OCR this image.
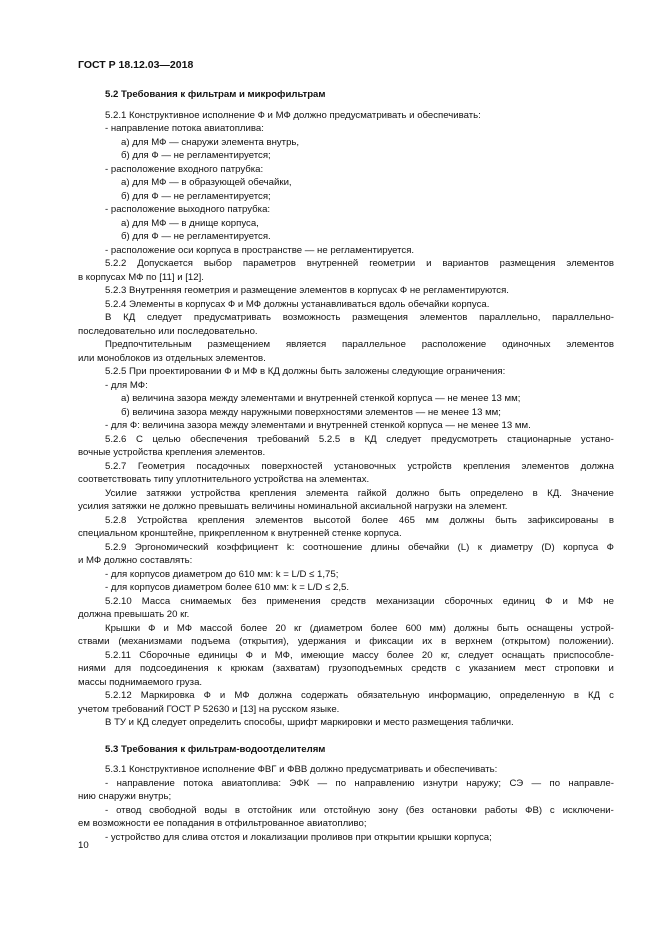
ГОСТ Р 18.12.03—2018
5.2 Требования к фильтрам и микрофильтрам
5.2.1 Конструктивное исполнение Ф и МФ должно предусматривать и обеспечивать:
- направление потока авиатоплива:
а) для МФ — снаружи элемента внутрь,
б) для Ф — не регламентируется;
- расположение входного патрубка:
а) для МФ — в образующей обечайки,
б) для Ф — не регламентируется;
- расположение выходного патрубка:
а) для МФ — в днище корпуса,
б) для Ф — не регламентируется.
- расположение оси корпуса в пространстве — не регламентируется.
5.2.2 Допускается выбор параметров внутренней геометрии и вариантов размещения элементов
в корпусах МФ по [11] и [12].
5.2.3 Внутренняя геометрия и размещение элементов в корпусах Ф не регламентируются.
5.2.4 Элементы в корпусах Ф и МФ должны устанавливаться вдоль обечайки корпуса.
В КД следует предусматривать возможность размещения элементов параллельно, параллельно-
последовательно или последовательно.
Предпочтительным размещением является параллельное расположение одиночных элементов
или моноблоков из отдельных элементов.
5.2.5 При проектировании Ф и МФ в КД должны быть заложены следующие ограничения:
- для МФ:
а) величина зазора между элементами и внутренней стенкой корпуса — не менее 13 мм;
б) величина зазора между наружными поверхностями элементов — не менее 13 мм;
- для Ф: величина зазора между элементами и внутренней стенкой корпуса — не менее 13 мм.
5.2.6 С целью обеспечения требований 5.2.5 в КД следует предусмотреть стационарные устано-
вочные устройства крепления элементов.
5.2.7 Геометрия посадочных поверхностей установочных устройств крепления элементов должна
соответствовать типу уплотнительного устройства на элементах.
Усилие затяжки устройства крепления элемента гайкой должно быть определено в КД. Значение
усилия затяжки не должно превышать величины номинальной аксиальной нагрузки на элемент.
5.2.8 Устройства крепления элементов высотой более 465 мм должны быть зафиксированы в
специальном кронштейне, прикрепленном к внутренней стенке корпуса.
5.2.9 Эргономический коэффициент k: соотношение длины обечайки (L) к диаметру (D) корпуса Ф
и МФ должно составлять:
- для корпусов диаметром до 610 мм: k = L/D ≤ 1,75;
- для корпусов диаметром более 610 мм: k = L/D ≤ 2,5.
5.2.10 Масса снимаемых без применения средств механизации сборочных единиц Ф и МФ не
должна превышать 20 кг.
Крышки Ф и МФ массой более 20 кг (диаметром более 600 мм) должны быть оснащены устрой-
ствами (механизмами подъема (открытия), удержания и фиксации их в верхнем (открытом) положении).
5.2.11 Сборочные единицы Ф и МФ, имеющие массу более 20 кг, следует оснащать приспособле-
ниями для подсоединения к крюкам (захватам) грузоподъемных средств с указанием мест строповки и
массы поднимаемого груза.
5.2.12 Маркировка Ф и МФ должна содержать обязательную информацию, определенную в КД с
учетом требований ГОСТ Р 52630 и [13] на русском языке.
В ТУ и КД следует определить способы, шрифт маркировки и место размещения таблички.
5.3 Требования к фильтрам-водоотделителям
5.3.1 Конструктивное исполнение ФВГ и ФВВ должно предусматривать и обеспечивать:
- направление потока авиатоплива: ЭФК — по направлению изнутри наружу; СЭ — по направле-
нию снаружи внутрь;
- отвод свободной воды в отстойник или отстойную зону (без остановки работы ФВ) с исключени-
ем возможности ее попадания в отфильтрованное авиатопливо;
- устройство для слива отстоя и локализации проливов при открытии крышки корпуса;
10
